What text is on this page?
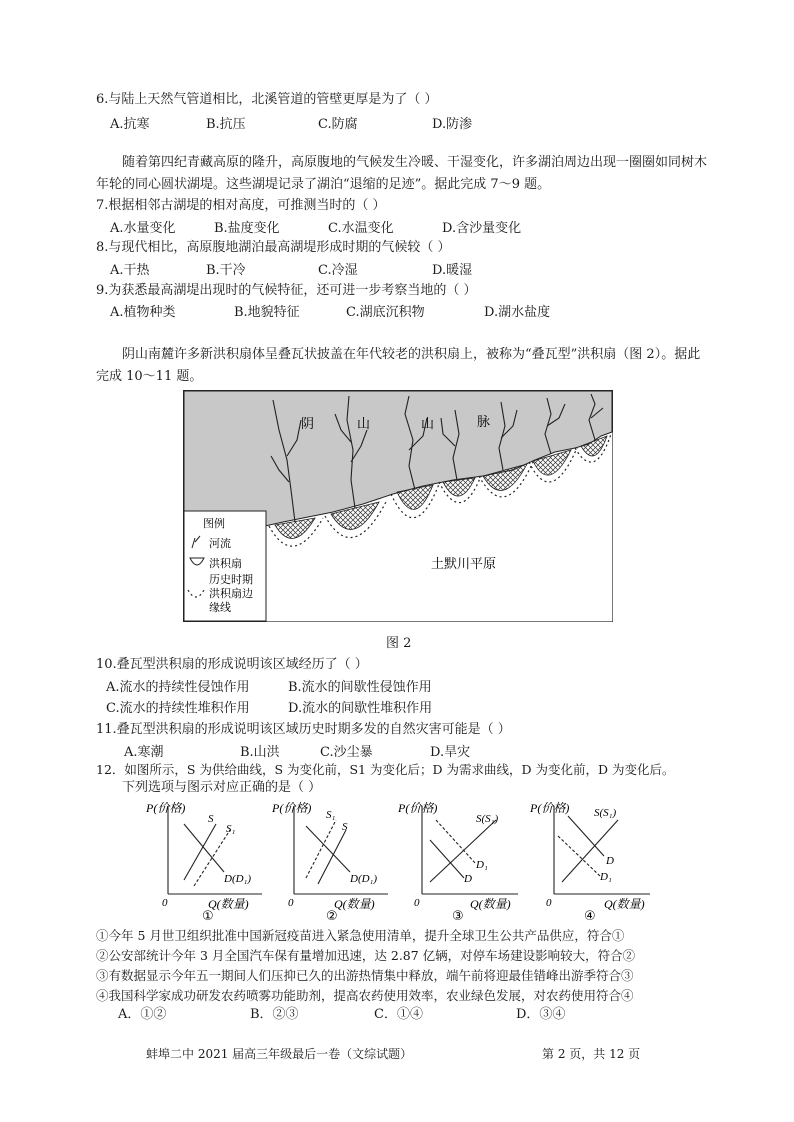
6.与陆上天然气管道相比，北溪管道的管壁更厚是为了（ ）
A.抗寒	B.抗压	C.防腐	D.防渗
随着第四纪青藏高原的隆升，高原腹地的气候发生冷暖、干湿变化，许多湖泊周边出现一圈圈如同树木年轮的同心圆状湖堤。这些湖堤记录了湖泊“退缩的足迹”。据此完成 7～9 题。
7.根据相邻古湖堤的相对高度，可推测当时的（ ）
A.水量变化	B.盐度变化	C.水温变化	D.含沙量变化
8.与现代相比，高原腹地湖泊最高湖堤形成时期的气候较（ ）
A.干热	B.干冷	C.冷湿	D.暖湿
9.为获悉最高湖堤出现时的气候特征，还可进一步考察当地的（ ）
A.植物种类	B.地貌特征	C.湖底沉积物	D.湖水盐度
阴山南麓许多新洪积扇体呈叠瓦状披盖在年代较老的洪积扇上，被称为“叠瓦型”洪积扇（图 2）。据此完成 10～11 题。
阴	山	山	脉
土默川平原
图例
河流
洪积扇
历史时期
洪积扇边
缘线
图 2
10.叠瓦型洪积扇的形成说明该区域经历了（ ）
A.流水的持续性侵蚀作用	B.流水的间歇性侵蚀作用
C.流水的持续性堆积作用	D.流水的间歇性堆积作用
11.叠瓦型洪积扇的形成说明该区域历史时期多发的自然灾害可能是（ ）
A.寒潮	B.山洪	C.沙尘暴	D.旱灾
12．如图所示，S 为供给曲线，S 为变化前，S1 为变化后；D 为需求曲线，D 为变化前，D 为变化后。
下列选项与图示对应正确的是（ ）
P(价格)
Q(数量)
0
S
S₁
D(D₁)
①
P(价格)
Q(数量)
0
S₁
S
D(D₁)
②
P(价格)
Q(数量)
0
S(S₁)
D₁
D
③
P(价格)
Q(数量)
0
S(S₁)
D
D₁
④
①今年 5 月世卫组织批准中国新冠疫苗进入紧急使用清单，提升全球卫生公共产品供应，符合①
②公安部统计今年 3 月全国汽车保有量增加迅速，达 2.87 亿辆，对停车场建设影响较大，符合②
③有数据显示今年五一期间人们压抑已久的出游热情集中释放，端午前将迎最佳错峰出游季符合③
④我国科学家成功研发农药喷雾功能助剂，提高农药使用效率，农业绿色发展，对农药使用符合④
A．①②	B．②③	C．①④	D．③④
蚌埠二中 2021 届高三年级最后一卷（文综试题）	第 2 页，共 12 页
